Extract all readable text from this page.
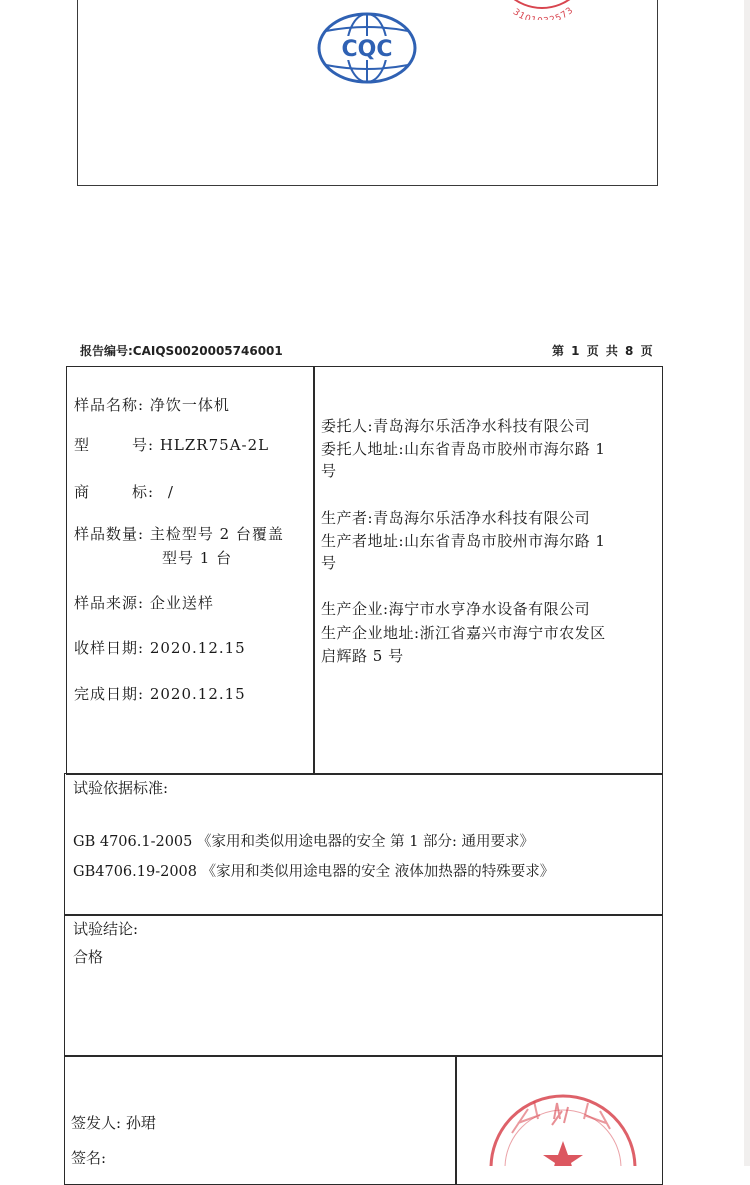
CQC
310 573
报告编号:CAIQS0020005746001	第 1 页 共 8 页
样品名称: 净饮一体机
型	号: HLZR75A-2L
商	标: /
样品数量: 主检型号 2 台覆盖
型号 1 台
样品来源: 企业送样
收样日期: 2020.12.15
完成日期: 2020.12.15
委托人:青岛海尔乐活净水科技有限公司
委托人地址:山东省青岛市胶州市海尔路 1
号
生产者:青岛海尔乐活净水科技有限公司
生产者地址:山东省青岛市胶州市海尔路 1
号
生产企业:海宁市水亨净水设备有限公司
生产企业地址:浙江省嘉兴市海宁市农发区
启辉路 5 号
试验依据标准:
GB 4706.1-2005 《家用和类似用途电器的安全 第 1 部分: 通用要求》
GB4706.19-2008 《家用和类似用途电器的安全 液体加热器的特殊要求》
试验结论:
合格
签发人: 孙珺
签名:
